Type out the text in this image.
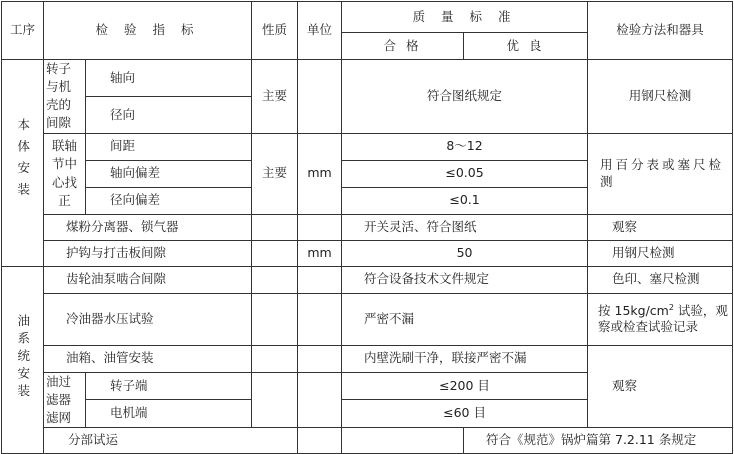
工序	检 验 指 标		性质	单位	质 量 标 准		检验方法和器具	
					合 格	优 良		
本体安装	转子与机壳的间隙	轴向	主要		符合图纸规定		用钢尺检测	
		径向						
	联轴节中心找正	间距	主要	mm	8～12		用百分表或塞尺检测	
		轴向偏差			≤0.05			
		径向偏差			≤0.1			
	煤粉分离器、锁气器				开关灵活、符合图纸		观察	
	护钩与打击板间隙			mm	50		用钢尺检测	
油系统安装	齿轮油泵啮合间隙				符合设备技术文件规定		色印、塞尺检测	
	冷油器水压试验				严密不漏		按 $15kg/cm^2$ 试验，观察或检查试验记录	
	油箱、油管安装				内壁洗刷干净，联接严密不漏		观察	
	油过滤器滤网	转子端			≤200 目			
		电机端			≤60 目			
	分部试运					符合《规范》锅炉篇第 7.2.11 条规定		
